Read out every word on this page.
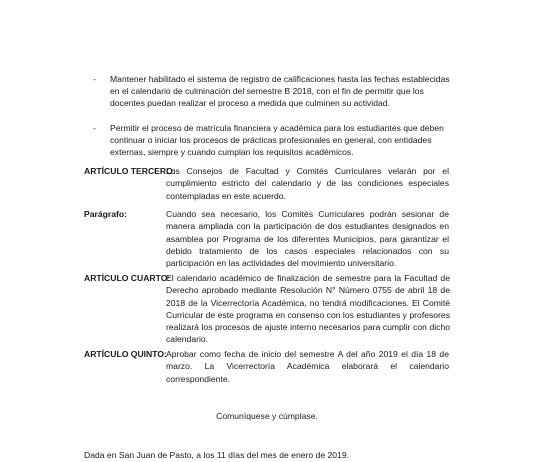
- Mantener habilitado el sistema de registro de calificaciones hasta las fechas establecidas en el calendario de culminación del semestre B 2018, con el fin de permitir que los docentes puedan realizar el proceso a medida que culminen su actividad.
- Permitir el proceso de matrícula financiera y académica para los estudiantes que deben continuar o iniciar los procesos de prácticas profesionales en general, con entidades externas, siempre y cuando cumplan los requisitos académicos.
ARTÍCULO TERCERO:
Los Consejos de Facultad y Comités Curriculares velarán por el cumplimiento estricto del calendario y de las condiciones especiales contempladas en este acuerdo.
Parágrafo:	Cuando sea necesario, los Comités Curriculares podrán sesionar de manera ampliada con la participación de dos estudiantes designados en asamblea por Programa de los diferentes Municipios, para garantizar el debido tratamiento de los casos especiales relacionados con su participación en las actividades del movimiento universitario.
ARTÍCULO CUARTO:
El calendario académico de finalización de semestre para la Facultad de Derecho aprobado mediante Resolución N° Número 0755 de abril 18 de 2018 de la Vicerrectoría Académica, no tendrá modificaciones. El Comité Curricular de este programa en consenso con los estudiantes y profesores realizará los procesos de ajuste interno necesarios para cumplir con dicho calendario.
ARTÍCULO QUINTO: Aprobar como fecha de inicio del semestre A del año 2019 el día 18 de marzo. La Vicerrectoría Académica elaborará el calendario correspondiente.
Comuníquese y cúmplase.
Dada en San Juan de Pasto, a los 11 días del mes de enero de 2019.
